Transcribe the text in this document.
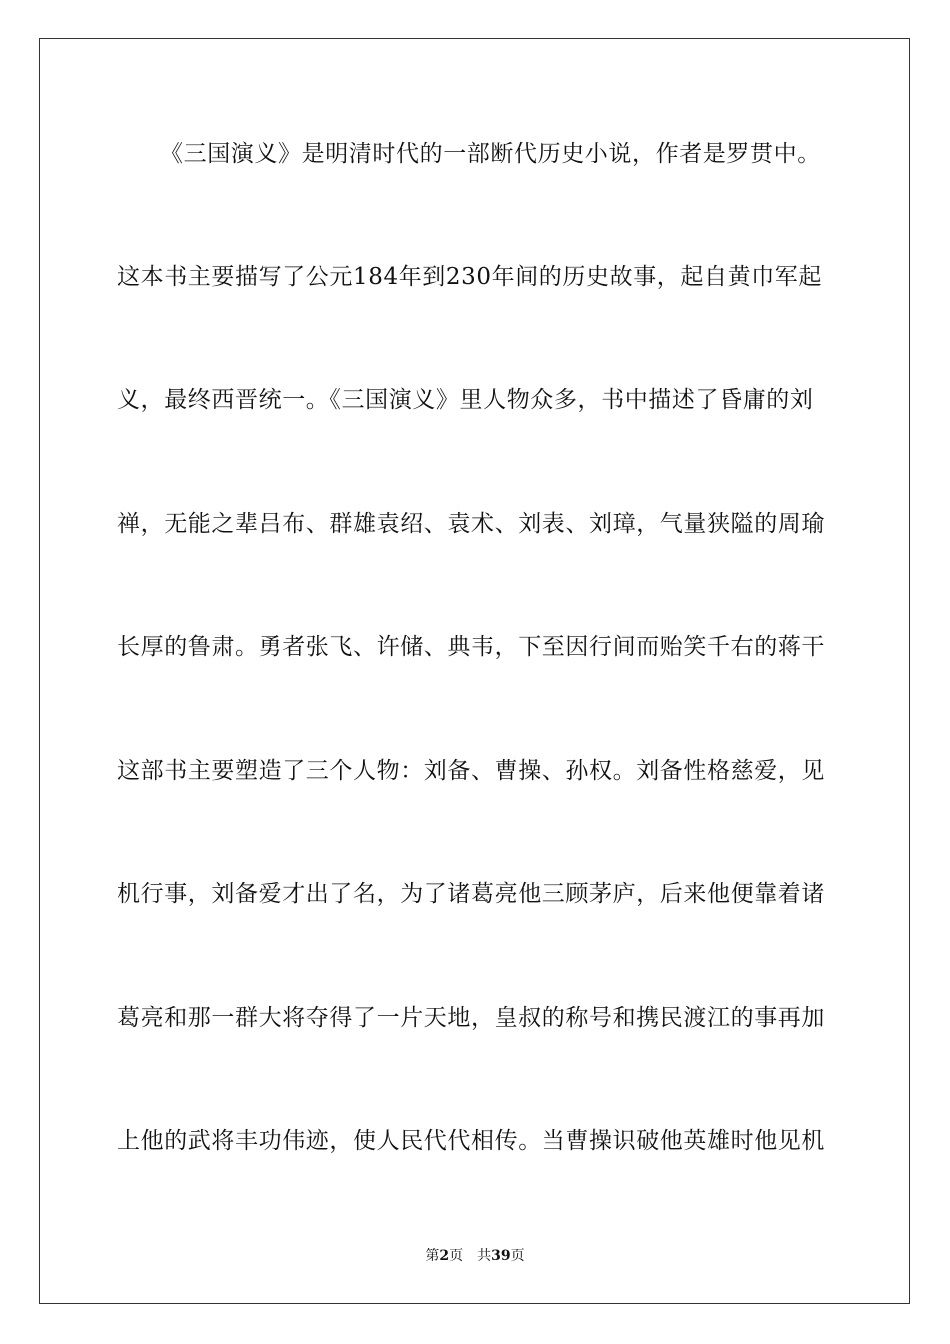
《三国演义》是明清时代的一部断代历史小说，作者是罗贯中。
这本书主要描写了公元184年到230年间的历史故事，起自黄巾军起
义，最终西晋统一。《三国演义》里人物众多，书中描述了昏庸的刘
禅，无能之辈吕布、群雄袁绍、袁术、刘表、刘璋，气量狭隘的周瑜
长厚的鲁肃。勇者张飞、许储、典韦，下至因行间而贻笑千右的蒋干
这部书主要塑造了三个人物：刘备、曹操、孙权。刘备性格慈爱，见
机行事，刘备爱才出了名，为了诸葛亮他三顾茅庐，后来他便靠着诸
葛亮和那一群大将夺得了一片天地，皇叔的称号和携民渡江的事再加
上他的武将丰功伟迹，使人民代代相传。当曹操识破他英雄时他见机
第2页 共39页
